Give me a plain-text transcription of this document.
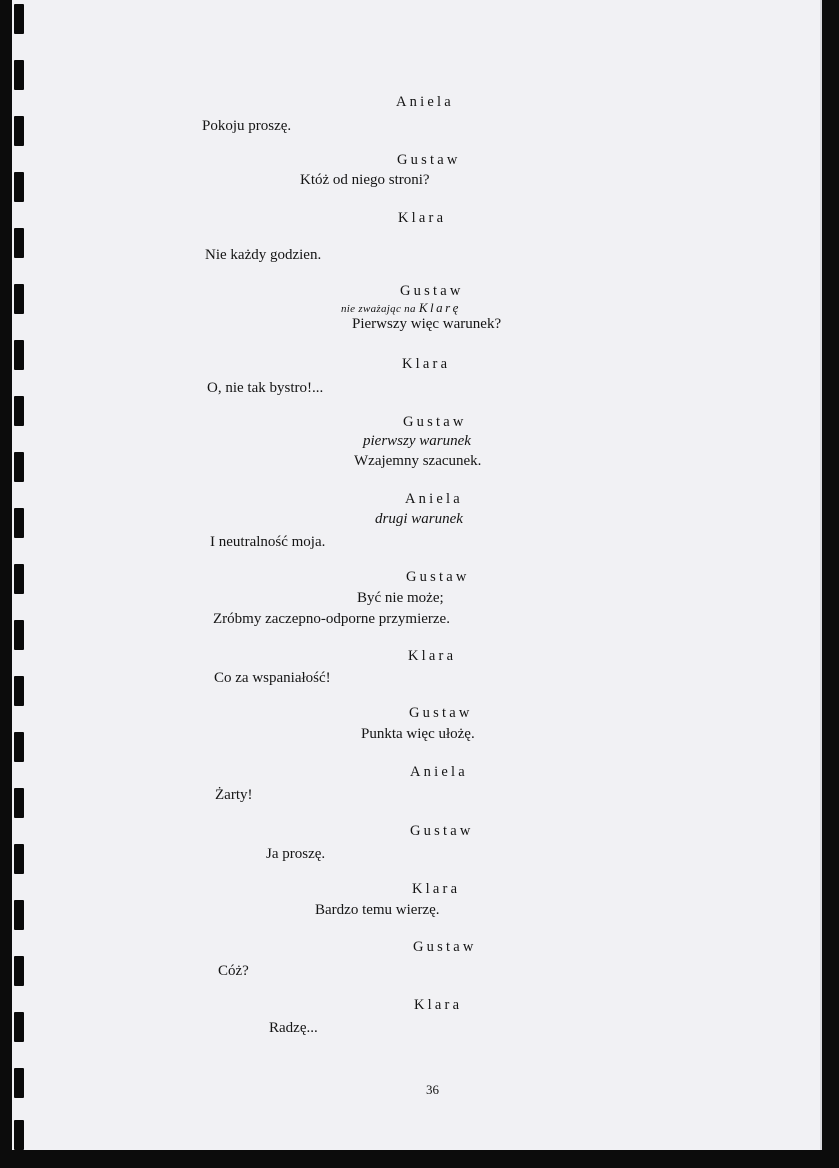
Aniela
Pokoju proszę.
Gustaw
Któż od niego stroni?
Klara
Nie każdy godzien.
Gustaw
nie zważając na Klarę
Pierwszy więc warunek?
Klara
O, nie tak bystro!...
Gustaw
pierwszy warunek
Wzajemny szacunek.
Aniela
drugi warunek
I neutralność moja.
Gustaw
Być nie może;
Zróbmy zaczepno-odporne przymierze.
Klara
Co za wspaniałość!
Gustaw
Punkta więc ułożę.
Aniela
Żarty!
Gustaw
Ja proszę.
Klara
Bardzo temu wierzę.
Gustaw
Cóż?
Klara
Radzę...
36
